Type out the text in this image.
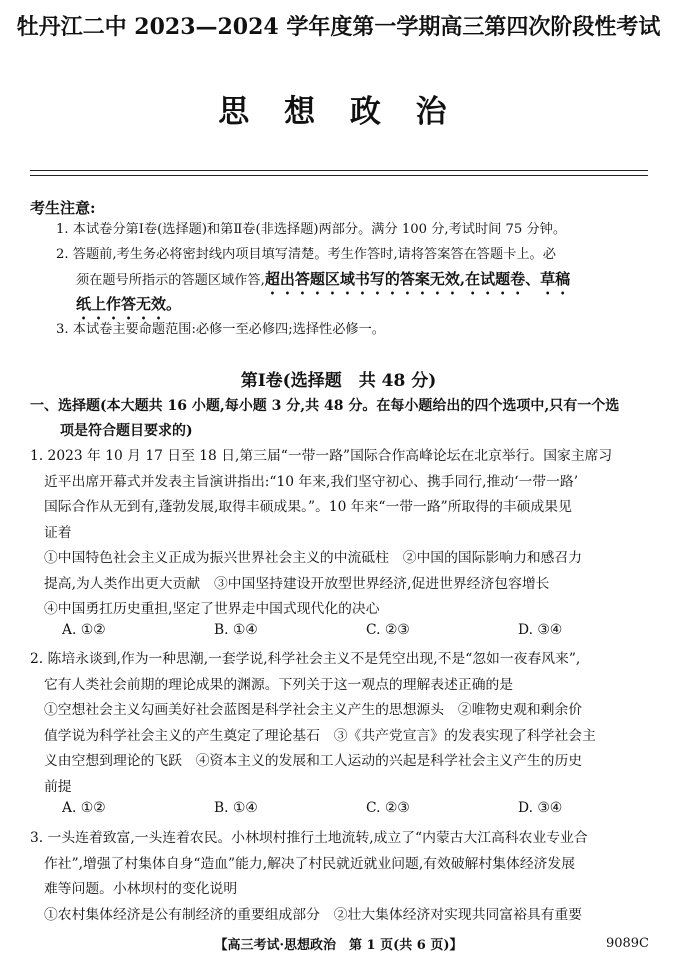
牡丹江二中 2023—2024 学年度第一学期高三第四次阶段性考试
思 想 政 治
考生注意:
1. 本试卷分第Ⅰ卷(选择题)和第Ⅱ卷(非选择题)两部分。满分 100 分,考试时间 75 分钟。
2. 答题前,考生务必将密封线内项目填写清楚。考生作答时,请将答案答在答题卡上。必
须在题号所指示的答题区域作答,超出答题区域书写的答案无效,在试题卷、草稿
纸上作答无效。
3. 本试卷主要命题范围:必修一至必修四;选择性必修一。
第Ⅰ卷(选择题　共 48 分)
一、选择题(本大题共 16 小题,每小题 3 分,共 48 分。在每小题给出的四个选项中,只有一个选
项是符合题目要求的)
1. 2023 年 10 月 17 日至 18 日,第三届“一带一路”国际合作高峰论坛在北京举行。国家主席习
近平出席开幕式并发表主旨演讲指出:“10 年来,我们坚守初心、携手同行,推动‘一带一路’
国际合作从无到有,蓬勃发展,取得丰硕成果。”。10 年来“一带一路”所取得的丰硕成果见
证着
①中国特色社会主义正成为振兴世界社会主义的中流砥柱　②中国的国际影响力和感召力
提高,为人类作出更大贡献　③中国坚持建设开放型世界经济,促进世界经济包容增长
④中国勇扛历史重担,坚定了世界走中国式现代化的决心
A. ①②	B. ①④	C. ②③	D. ③④
2. 陈培永谈到,作为一种思潮,一套学说,科学社会主义不是凭空出现,不是“忽如一夜春风来”,
它有人类社会前期的理论成果的渊源。下列关于这一观点的理解表述正确的是
①空想社会主义勾画美好社会蓝图是科学社会主义产生的思想源头　②唯物史观和剩余价
值学说为科学社会主义的产生奠定了理论基石　③《共产党宣言》的发表实现了科学社会主
义由空想到理论的飞跃　④资本主义的发展和工人运动的兴起是科学社会主义产生的历史
前提
A. ①②	B. ①④	C. ②③	D. ③④
3. 一头连着致富,一头连着农民。小林坝村推行土地流转,成立了“内蒙古大江高科农业专业合
作社”,增强了村集体自身“造血”能力,解决了村民就近就业问题,有效破解村集体经济发展
难等问题。小林坝村的变化说明
①农村集体经济是公有制经济的重要组成部分　②壮大集体经济对实现共同富裕具有重要
【高三考试·思想政治　第 1 页(共 6 页)】	9089C
